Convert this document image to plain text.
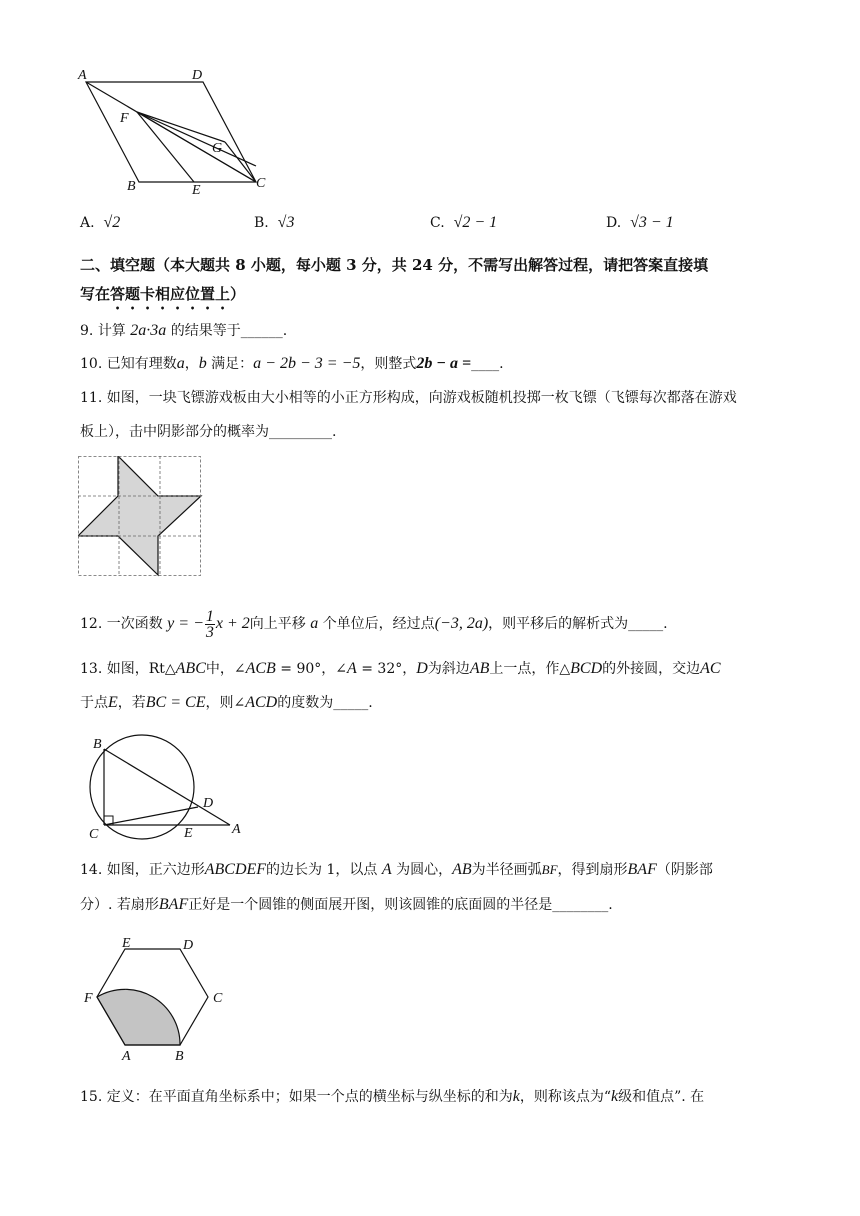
A	D
F
G
B	E	C
A. √2	B. √3	C. √2 − 1	D. √3 − 1
二、填空题（本大题共 8 小题，每小题 3 分，共 24 分，不需写出解答过程，请把答案直接填
写在答题卡相应位置上）
9. 计算 2a·3a 的结果等于______.
10. 已知有理数a，b 满足：a − 2b − 3 = −5，则整式2b − a =____.
11. 如图，一块飞镖游戏板由大小相等的小正方形构成，向游戏板随机投掷一枚飞镖（飞镖每次都落在游戏
板上），击中阴影部分的概率为_________.
12. 一次函数 y = − $\frac{1}{3}$ x + 2向上平移 a 个单位后，经过点(−3, 2a)，则平移后的解析式为_____.
13. 如图，Rt△ABC中，∠ACB = 90°，∠A = 32°，D为斜边AB上一点，作△BCD的外接圆，交边AC
于点E，若BC = CE，则∠ACD的度数为_____.
B
D
C	E	A
14. 如图，正六边形ABCDEF的边长为 1，以点 A 为圆心，AB为半径画弧BF，得到扇形BAF（阴影部
分）. 若扇形BAF正好是一个圆锥的侧面展开图，则该圆锥的底面圆的半径是________.
E	D
F	C
A	B
15. 定义：在平面直角坐标系中；如果一个点的横坐标与纵坐标的和为k，则称该点为“k级和值点”. 在
